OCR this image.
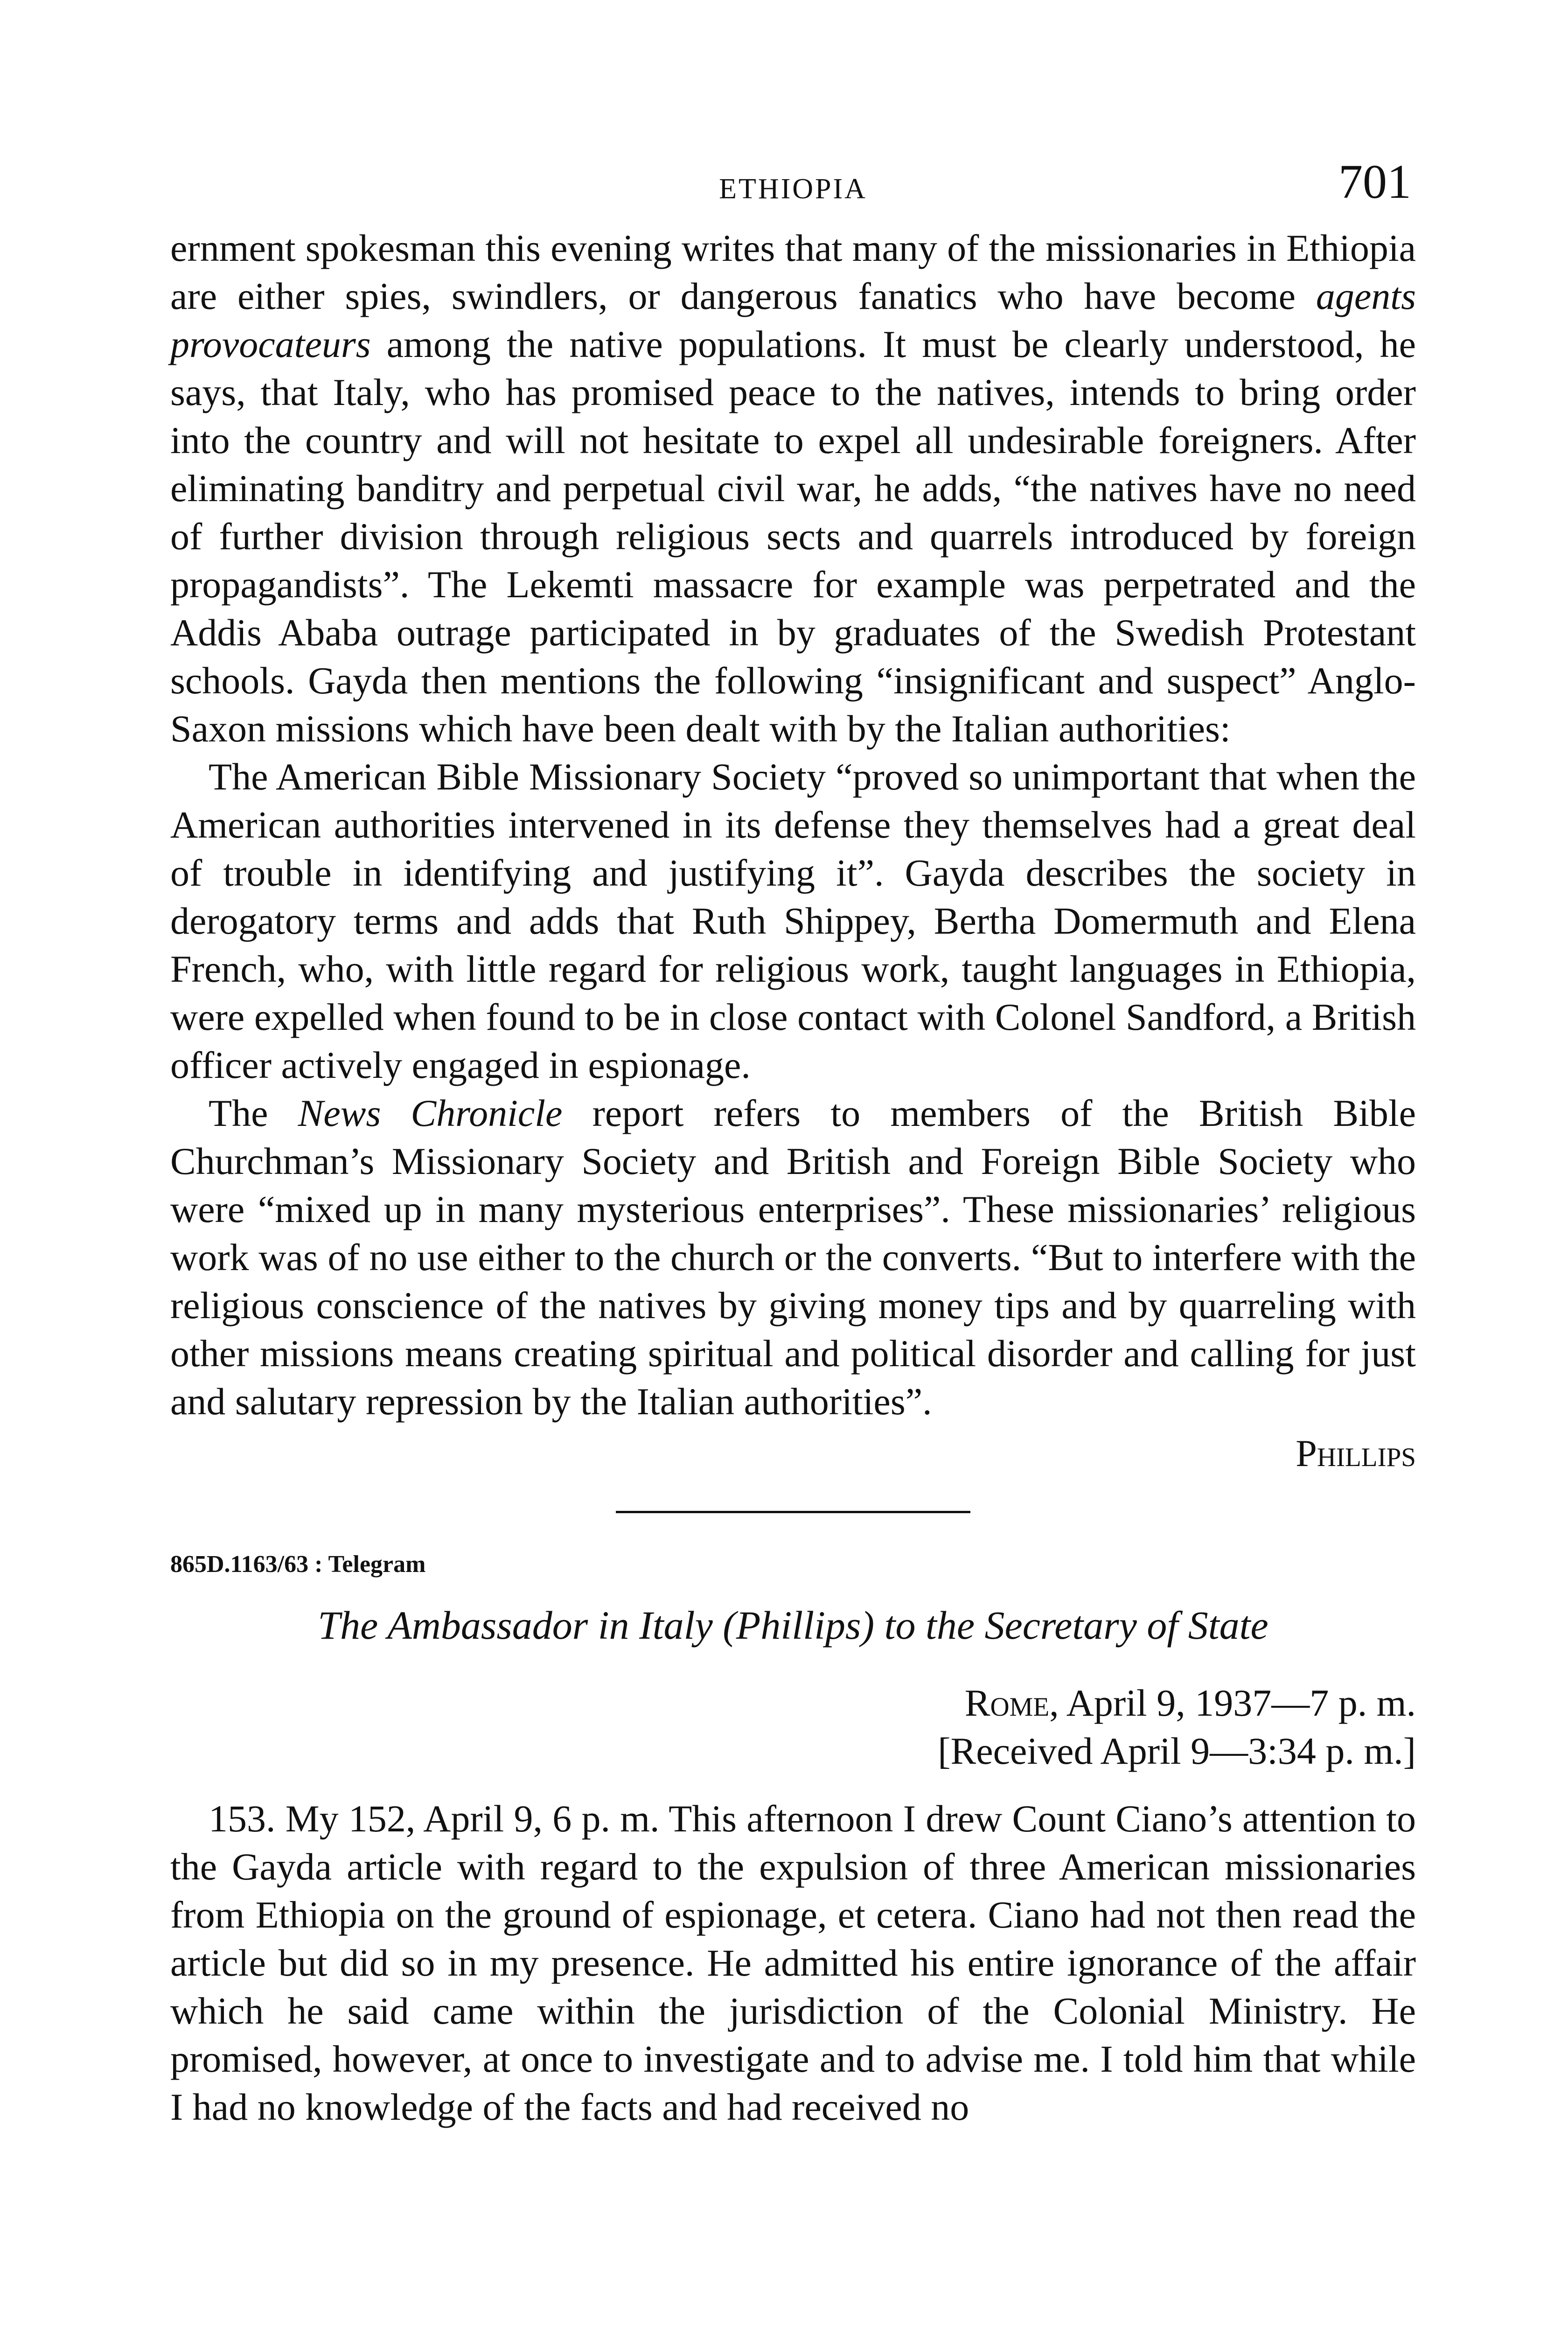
ETHIOPIA	701

ernment spokesman this evening writes that many of the missionaries in Ethiopia are either spies, swindlers, or dangerous fanatics who have become agents provocateurs among the native populations. It must be clearly understood, he says, that Italy, who has promised peace to the natives, intends to bring order into the country and will not hesitate to expel all undesirable foreigners. After eliminating banditry and perpetual civil war, he adds, “the natives have no need of further division through religious sects and quarrels introduced by foreign propagandists”. The Lekemti massacre for example was perpetrated and the Addis Ababa outrage participated in by graduates of the Swedish Protestant schools. Gayda then mentions the following “insignificant and suspect” Anglo-Saxon missions which have been dealt with by the Italian authorities:

The American Bible Missionary Society “proved so unimportant that when the American authorities intervened in its defense they themselves had a great deal of trouble in identifying and justifying it”. Gayda describes the society in derogatory terms and adds that Ruth Shippey, Bertha Domermuth and Elena French, who, with little regard for religious work, taught languages in Ethiopia, were expelled when found to be in close contact with Colonel Sandford, a British officer actively engaged in espionage.

The News Chronicle report refers to members of the British Bible Churchman’s Missionary Society and British and Foreign Bible Society who were “mixed up in many mysterious enterprises”. These missionaries’ religious work was of no use either to the church or the converts. “But to interfere with the religious conscience of the natives by giving money tips and by quarreling with other missions means creating spiritual and political disorder and calling for just and salutary repression by the Italian authorities”.

Phillips
865D.1163/63 : Telegram
The Ambassador in Italy (Phillips) to the Secretary of State
Rome, April 9, 1937—7 p. m.
[Received April 9—3:34 p. m.]

153. My 152, April 9, 6 p. m. This afternoon I drew Count Ciano’s attention to the Gayda article with regard to the expulsion of three American missionaries from Ethiopia on the ground of espionage, et cetera. Ciano had not then read the article but did so in my presence. He admitted his entire ignorance of the affair which he said came within the jurisdiction of the Colonial Ministry. He promised, however, at once to investigate and to advise me. I told him that while I had no knowledge of the facts and had received no
